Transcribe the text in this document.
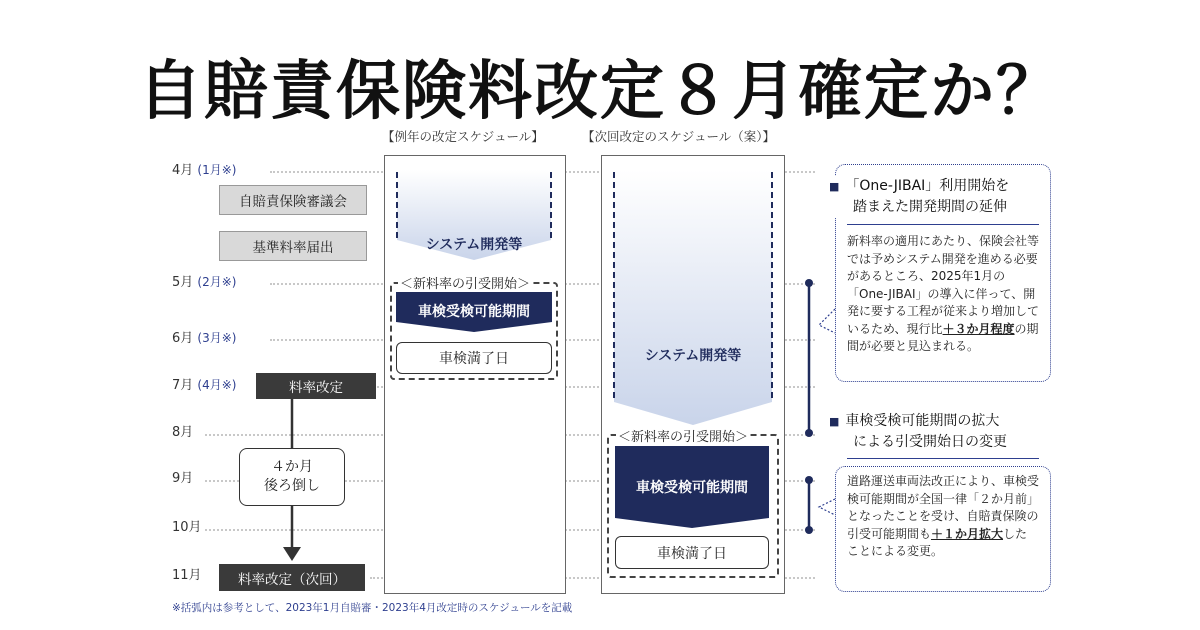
自賠責保険料改定８月確定か？
【例年の改定スケジュール】	【次回改定のスケジュール（案）】
4月 (1月※)
5月 (2月※)
6月 (3月※)
7月 (4月※)
8月
9月
10月
11月
自賠責保険審議会
基準料率届出
料率改定
料率改定（次回）
４か月
後ろ倒し
システム開発等
＜新料率の引受開始＞
車検受検可能期間
車検満了日	システム開発等
＜新料率の引受開始＞
車検受検可能期間
車検満了日
■ 「One-JIBAI」利用開始を
踏まえた開発期間の延伸
新料率の適用にあたり、保険会社等では予めシステム開発を進める必要があるところ、2025年1月の「One-JIBAI」の導入に伴って、開発に要する工程が従来より増加しているため、現行比＋３か月程度の期間が必要と見込まれる。
■ 車検受検可能期間の拡大
による引受開始日の変更
道路運送車両法改正により、車検受検可能期間が全国一律「２か月前」となったことを受け、自賠責保険の引受可能期間も＋１か月拡大したことによる変更。
※括弧内は参考として、2023年1月自賠審・2023年4月改定時のスケジュールを記載
